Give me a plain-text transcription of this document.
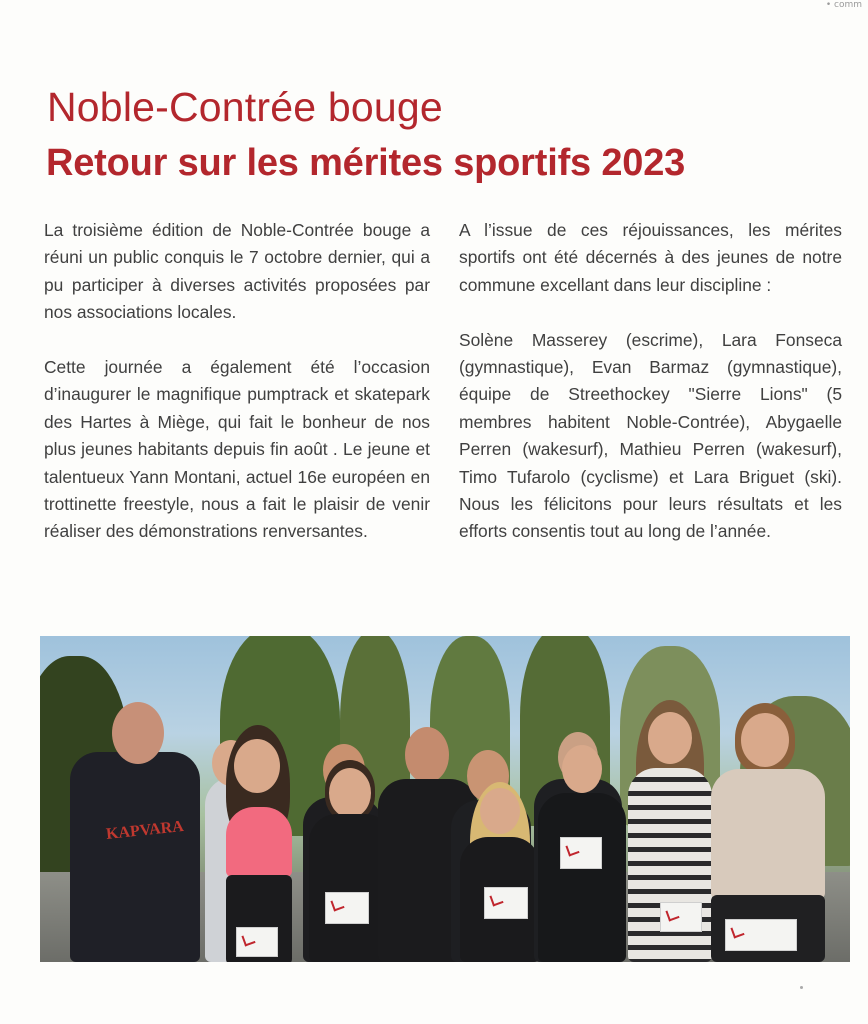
• comm
Noble-Contrée bouge
Retour sur les mérites sportifs 2023

La troisième édition de Noble-Contrée bouge a réuni un public conquis le 7 octobre dernier, qui a pu participer à diverses activités proposées par nos associations locales.

Cette journée a également été l’occasion d’inaugurer le magnifique pumptrack et skatepark des Hartes à Miège, qui fait le bonheur de nos plus jeunes habitants depuis fin août . Le jeune et talentueux Yann Montani, actuel 16e européen en trottinette freestyle, nous a fait le plaisir de venir réaliser des démonstrations renversantes.

A l’issue de ces réjouissances, les mérites sportifs ont été décernés à des jeunes de notre commune excellant dans leur discipline :

Solène Masserey (escrime), Lara Fonseca (gymnastique), Evan Barmaz (gymnastique), équipe de Streethockey "Sierre Lions" (5 membres habitent Noble-Contrée), Abygaelle Perren (wakesurf), Mathieu Perren (wakesurf), Timo Tufarolo (cyclisme) et Lara Briguet (ski). Nous les félicitons pour leurs résultats et les efforts consentis tout au long de l’année.

KAPVARA
